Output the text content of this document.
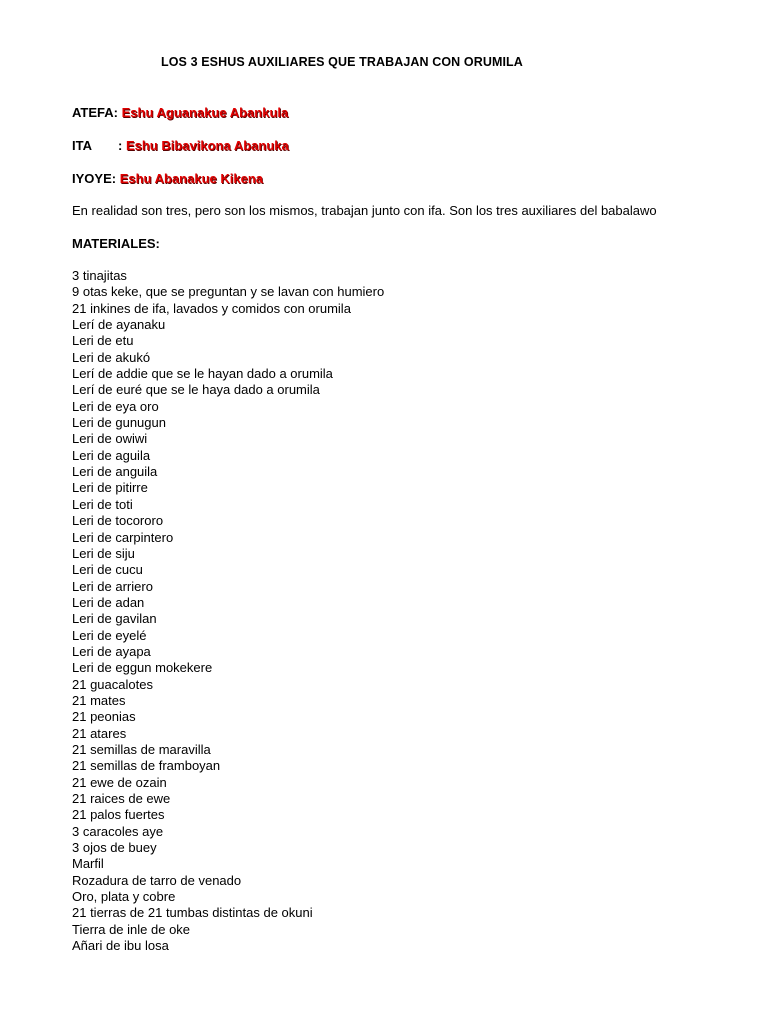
LOS 3 ESHUS AUXILIARES QUE TRABAJAN CON ORUMILA
ATEFA: Eshu Aguanakue Abankula
ITA : Eshu Bibavikona Abanuka
IYOYE: Eshu Abanakue Kikena
En realidad son tres, pero son los mismos, trabajan junto con ifa. Son los tres auxiliares del babalawo
MATERIALES:
3 tinajitas
9 otas keke, que se preguntan y se lavan con humiero
21 inkines de ifa, lavados y comidos con orumila
Lerí de ayanaku
Leri de etu
Leri de akukó
Lerí de addie que se le hayan dado a orumila
Lerí de euré que se le haya dado a orumila
Leri de eya oro
Leri de gunugun
Leri de owiwi
Leri de aguila
Leri de anguila
Leri de pitirre
Leri de toti
Leri de tocororo
Leri de carpintero
Leri de siju
Leri de cucu
Leri de arriero
Leri de adan
Leri de gavilan
Leri de eyelé
Leri de ayapa
Leri de eggun mokekere
21 guacalotes
21 mates
21 peonias
21 atares
21 semillas de maravilla
21 semillas de framboyan
21 ewe de ozain
21 raices de ewe
21 palos fuertes
3 caracoles aye
3 ojos de buey
Marfil
Rozadura de tarro de venado
Oro, plata y cobre
21 tierras de 21 tumbas distintas de okuni
Tierra de inle de oke
Añari de ibu losa
